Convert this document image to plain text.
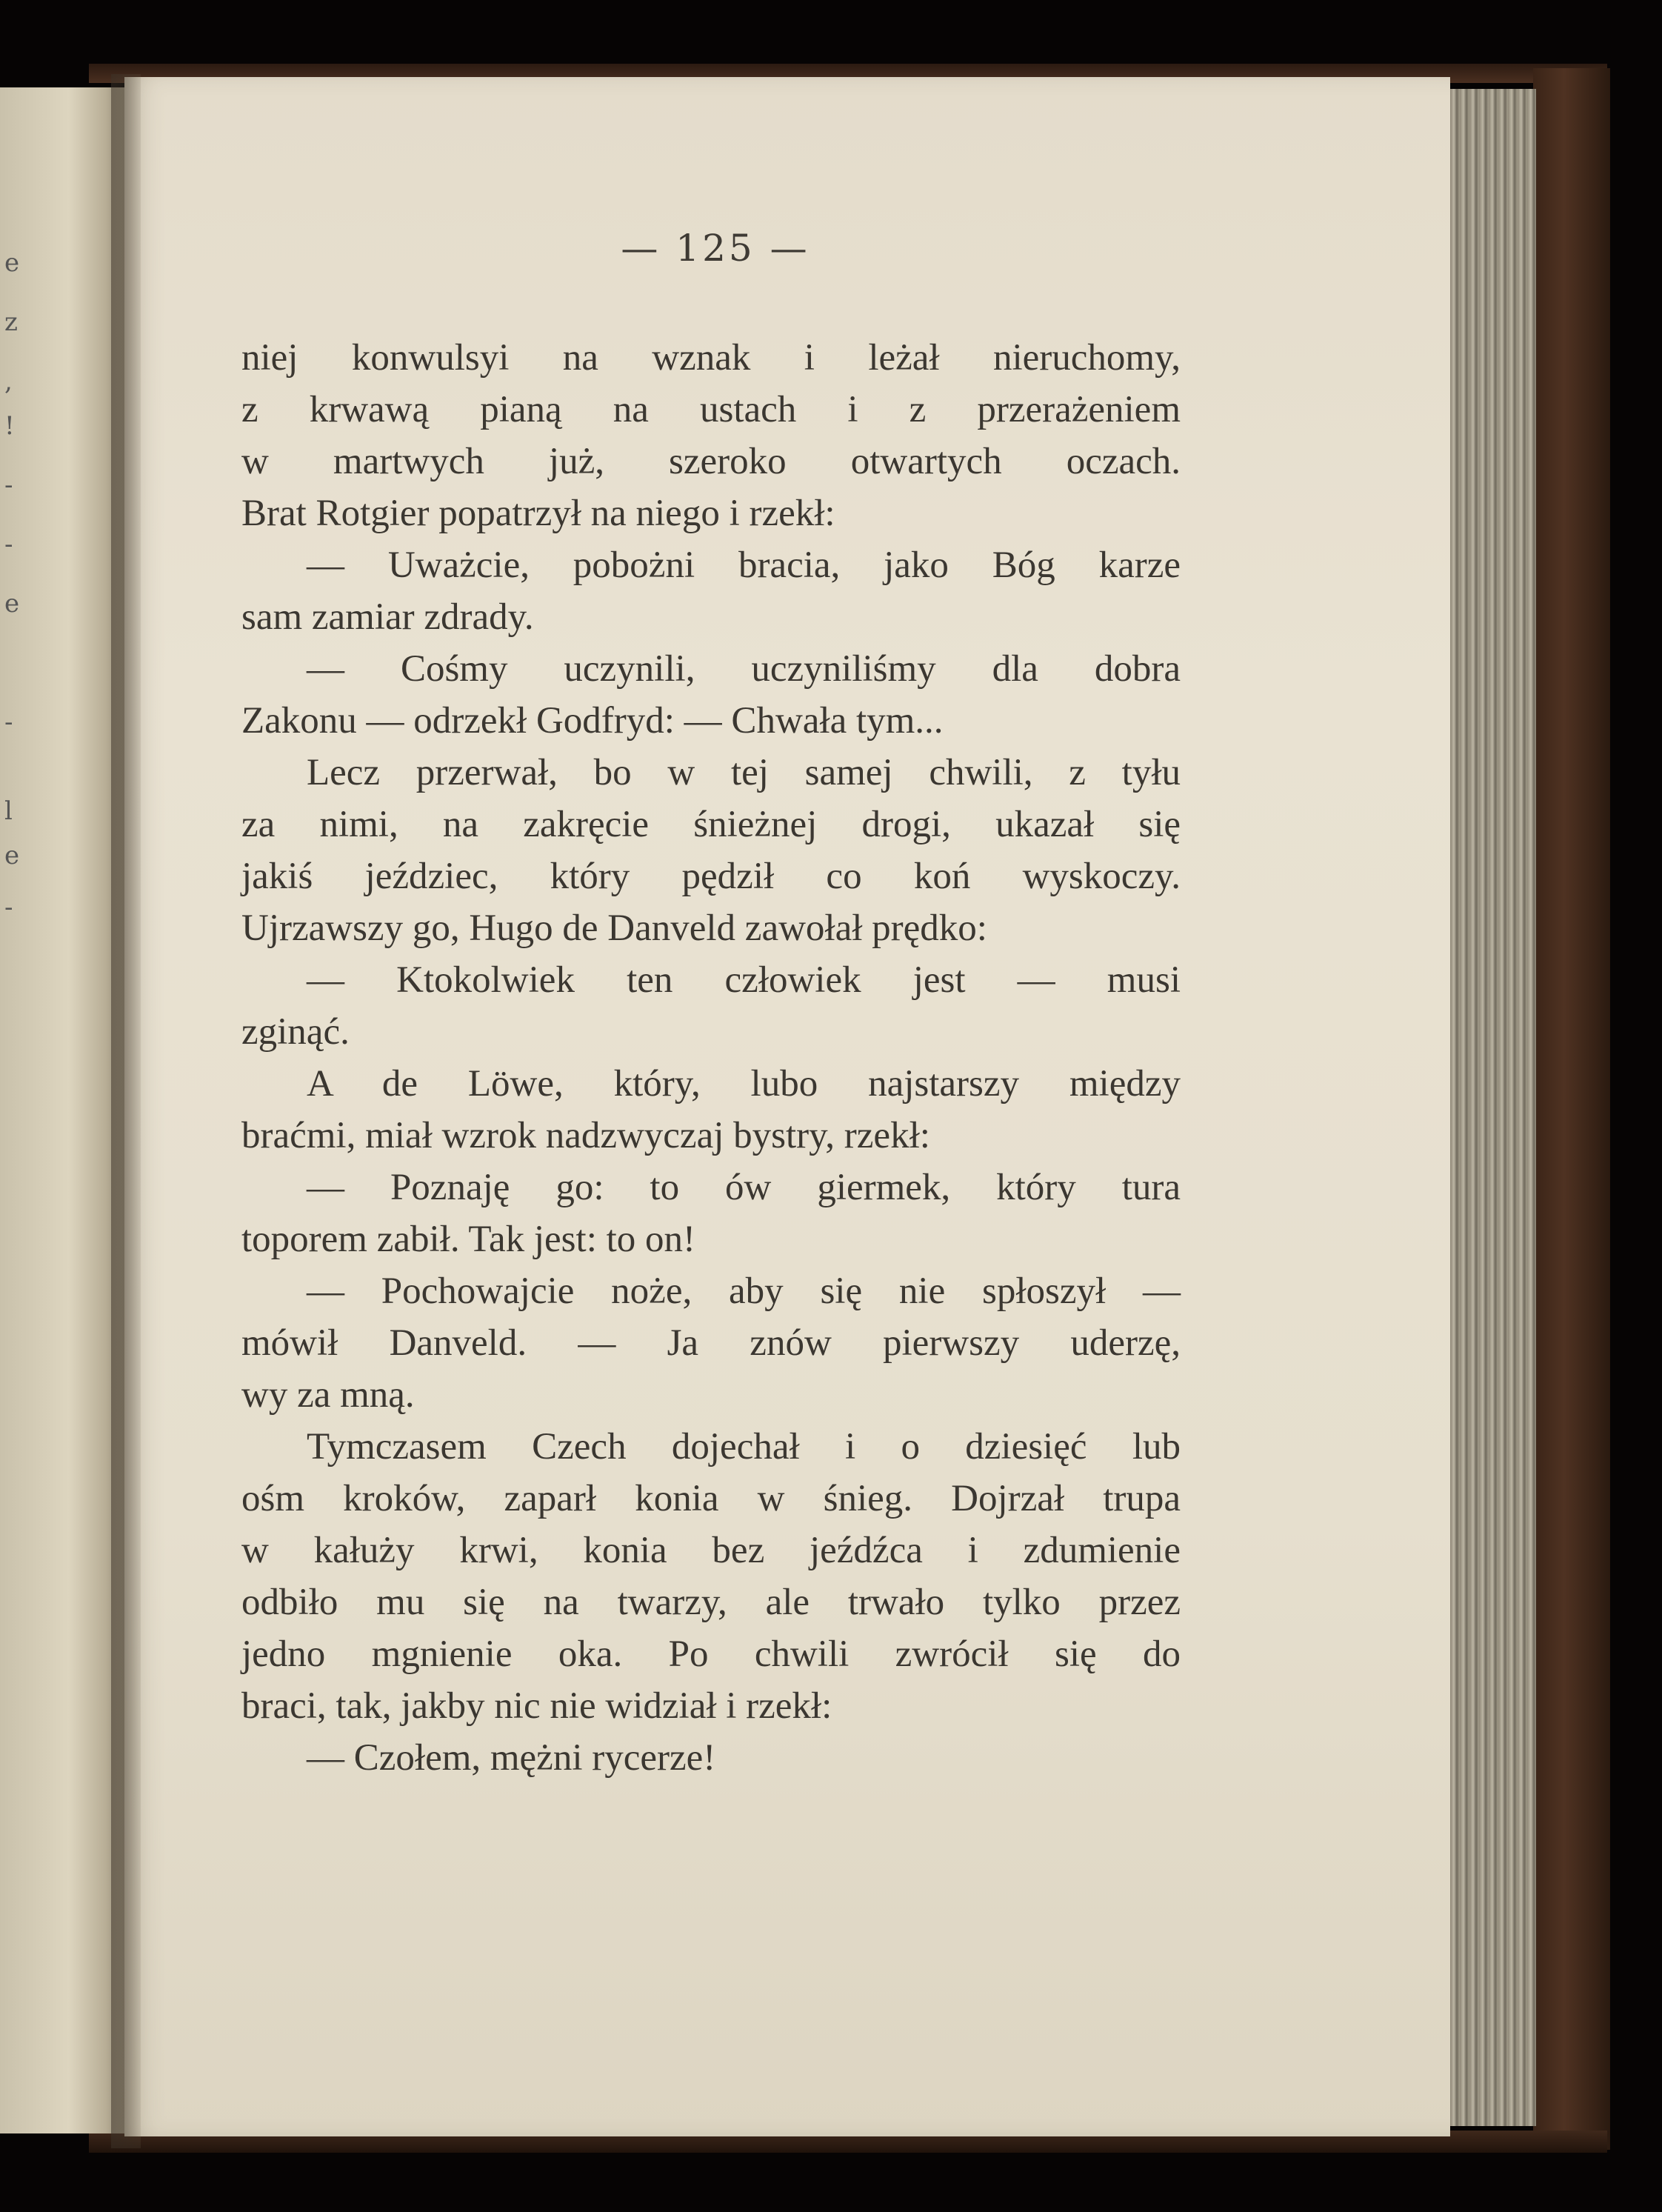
e
z
,
!
-
-
e
-
l
e
-
— 125 —
niej konwulsyi na wznak i leżał nieruchomy,
z krwawą pianą na ustach i z przerażeniem
w martwych już, szeroko otwartych oczach.
Brat Rotgier popatrzył na niego i rzekł:
— Uważcie, pobożni bracia, jako Bóg karze
sam zamiar zdrady.
— Cośmy uczynili, uczyniliśmy dla dobra
Zakonu — odrzekł Godfryd: — Chwała tym...
Lecz przerwał, bo w tej samej chwili, z tyłu
za nimi, na zakręcie śnieżnej drogi, ukazał się
jakiś jeździec, który pędził co koń wyskoczy.
Ujrzawszy go, Hugo de Danveld zawołał prędko:
— Ktokolwiek ten człowiek jest — musi
zginąć.
A de Löwe, który, lubo najstarszy między
braćmi, miał wzrok nadzwyczaj bystry, rzekł:
— Poznaję go: to ów giermek, który tura
toporem zabił. Tak jest: to on!
— Pochowajcie noże, aby się nie spłoszył —
mówił Danveld. — Ja znów pierwszy uderzę,
wy za mną.
Tymczasem Czech dojechał i o dziesięć lub
ośm kroków, zaparł konia w śnieg. Dojrzał trupa
w kałuży krwi, konia bez jeźdźca i zdumienie
odbiło mu się na twarzy, ale trwało tylko przez
jedno mgnienie oka. Po chwili zwrócił się do
braci, tak, jakby nic nie widział i rzekł:
— Czołem, mężni rycerze!
